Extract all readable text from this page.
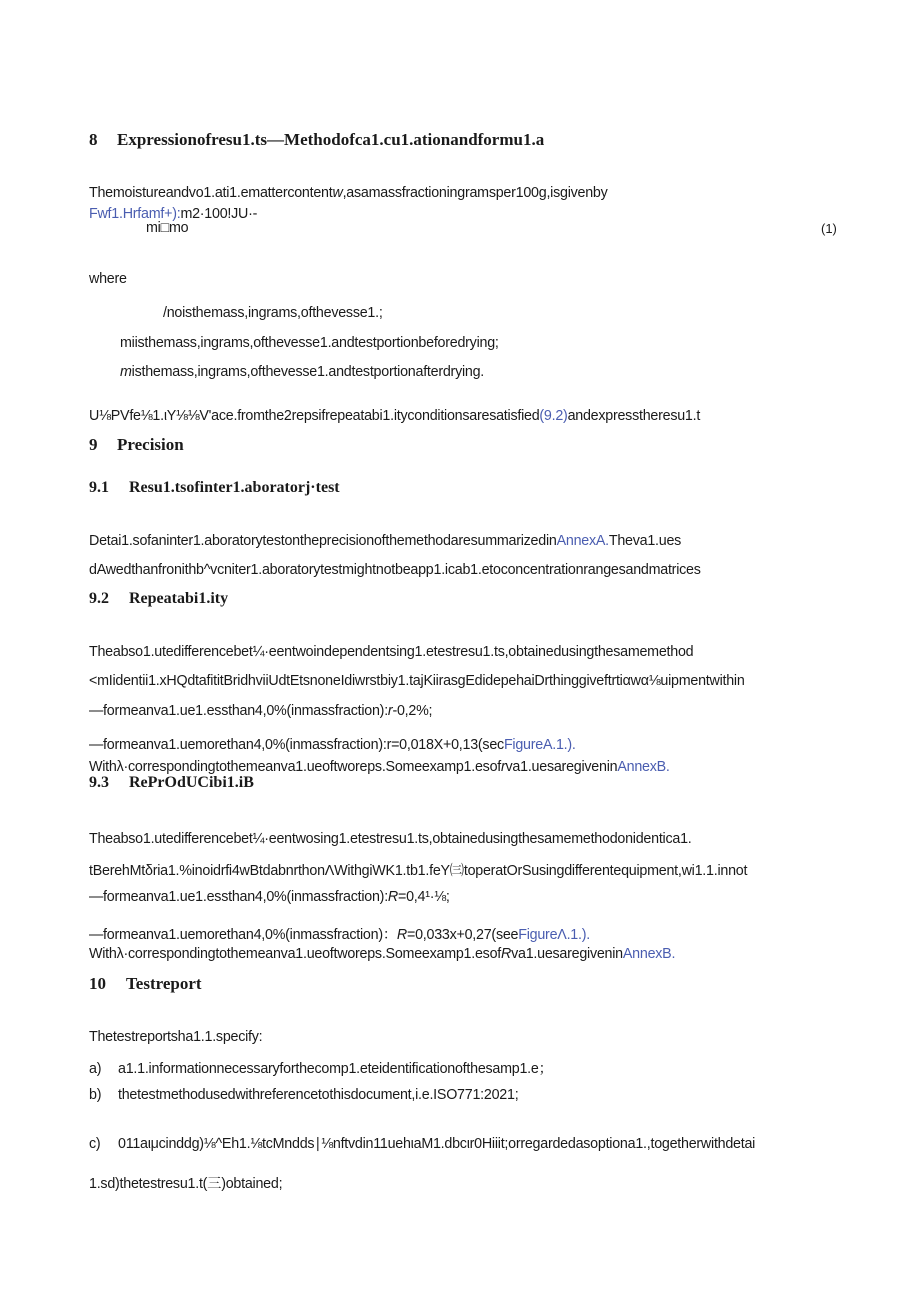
8 Expressionofresu1.ts—Methodofca1.cu1.ationandformu1.a
Themoistureandvo1.ati1.emattercontentw,asamassfractioningramsper100g,isgivenby
Fwf1.Hrfamf+):m2·100!JU·-
mi□mo	(1)
where
/noisthemass,ingrams,ofthevesse1.;
miisthemass,ingrams,ofthevesse1.andtestportionbeforedrying;
misthemass,ingrams,ofthevesse1.andtestportionafterdrying.
U⅛PVfe⅛1.ιY⅛⅛V'ace.fromthe2repsifrepeatabi1.ityconditionsaresatisfied(9.2)andexpresstheresu1.t
9 Precision
9.1 Resu1.tsofinter1.aboratorj·test
Detai1.sofaninter1.aboratorytestontheprecisionofthemethodaresummarizedinAnnexA.Theva1.ues
dAwedthanfronithb^vcniter1.aboratorytestmightnotbeapp1.icab1.etoconcentrationrangesandmatrices
9.2 Repeatabi1.ity
Theabso1.utedifferencebet¼·eentwoindependentsing1.etestresu1.ts,obtainedusingthesamemethod
<mIidentii1.xHQdtafititBridhviiUdtEtsnoneIdiwrstbiy1.tajKiirasgEdidepehaiDrthinggiveftrtiαwα⅛uipmentwithin
—formeanva1.ue1.essthan4,0%(inmassfraction):r-0,2%;
—formeanva1.uemorethan4,0%(inmassfraction):r=0,018X+0,13(secFigureA.1.).
Withλ·correspondingtothemeanva1.ueoftworeps.Someexamp1.esofrva1.uesaregiveninAnnexB.
9.3 RePrOdUCibi1.iB
Theabso1.utedifferencebet¼·eentwosing1.etestresu1.ts,obtainedusingthesamemethodonidentica1.
tBerehMtδria1.%inoidrfi4wBtdabnrthonΛWithgiWK1.tb1.feY㈢toperatOrSusingdifferentequipment,wi1.1.innot
—formeanva1.ue1.essthan4,0%(inmassfraction):R=0,4¹·⅛;
—formeanva1.uemorethan4,0%(inmassfraction)：R=0,033x+0,27(seeFigureΛ.1.).
Withλ·correspondingtothemeanva1.ueoftworeps.Someexamp1.esofRva1.uesaregiveninAnnexB.
10 Testreport
Thetestreportsha1.1.specify:
a) a1.1.informationnecessaryforthecomp1.eteidentificationofthesamp1.e；
b) thetestmethodusedwithreferencetothisdocument,i.e.ISO771:2021;
c) 011aιμcinddg)⅛^Eh1.⅛tcMndds∣⅛nftvdin11uehιaM1.dbcιr0Hiiit;orregardedasoptiona1.,togetherwithdetai
1.sd)thetestresu1.t(三)obtained;
